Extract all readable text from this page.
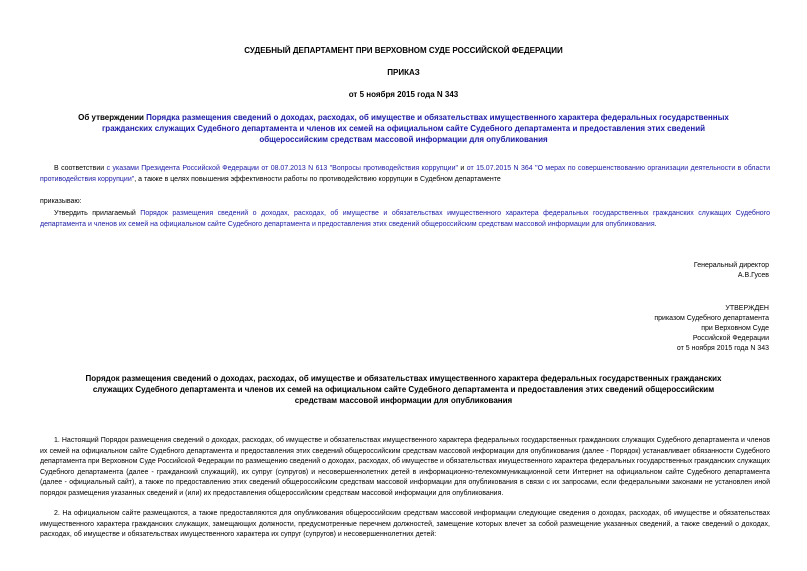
СУДЕБНЫЙ ДЕПАРТАМЕНТ ПРИ ВЕРХОВНОМ СУДЕ РОССИЙСКОЙ ФЕДЕРАЦИИ
ПРИКАЗ
от 5 ноября 2015 года N 343
Об утверждении Порядка размещения сведений о доходах, расходах, об имуществе и обязательствах имущественного характера федеральных государственных
гражданских служащих Судебного департамента и членов их семей на официальном сайте Судебного департамента и предоставления этих сведений
общероссийским средствам массовой информации для опубликования
В соответствии с указами Президента Российской Федерации от 08.07.2013 N 613 "Вопросы противодействия коррупции" и от 15.07.2015 N 364 "О мерах по совершенствованию организации деятельности в области противодействия коррупции", а также в целях повышения эффективности работы по противодействию коррупции в Судебном департаменте
приказываю:
Утвердить прилагаемый Порядок размещения сведений о доходах, расходах, об имуществе и обязательствах имущественного характера федеральных государственных гражданских служащих Судебного департамента и членов их семей на официальном сайте Судебного департамента и предоставления этих сведений общероссийским средствам массовой информации для опубликования.
Генеральный директор
А.В.Гусев
УТВЕРЖДЕН
приказом Судебного департамента
при Верховном Суде
Российской Федерации
от 5 ноября 2015 года N 343
Порядок размещения сведений о доходах, расходах, об имуществе и обязательствах имущественного характера федеральных государственных гражданских
служащих Судебного департамента и членов их семей на официальном сайте Судебного департамента и предоставления этих сведений общероссийским
средствам массовой информации для опубликования
1. Настоящий Порядок размещения сведений о доходах, расходах, об имуществе и обязательствах имущественного характера федеральных государственных гражданских служащих Судебного департамента и членов их семей на официальном сайте Судебного департамента и предоставления этих сведений общероссийским средствам массовой информации для опубликования (далее - Порядок) устанавливает обязанности Судебного департамента при Верховном Суде Российской Федерации по размещению сведений о доходах, расходах, об имуществе и обязательствах имущественного характера федеральных государственных гражданских служащих Судебного департамента (далее - гражданский служащий), их супруг (супругов) и несовершеннолетних детей в информационно-телекоммуникационной сети Интернет на официальном сайте Судебного департамента (далее - официальный сайт), а также по предоставлению этих сведений общероссийским средствам массовой информации для опубликования в связи с их запросами, если федеральными законами не установлен иной порядок размещения указанных сведений и (или) их предоставления общероссийским средствам массовой информации для опубликования.
2. На официальном сайте размещаются, а также предоставляются для опубликования общероссийским средствам массовой информации следующие сведения о доходах, расходах, об имуществе и обязательствах имущественного характера гражданских служащих, замещающих должности, предусмотренные перечнем должностей, замещение которых влечет за собой размещение указанных сведений, а также сведений о доходах, расходах, об имуществе и обязательствах имущественного характера их супруг (супругов) и несовершеннолетних детей:
